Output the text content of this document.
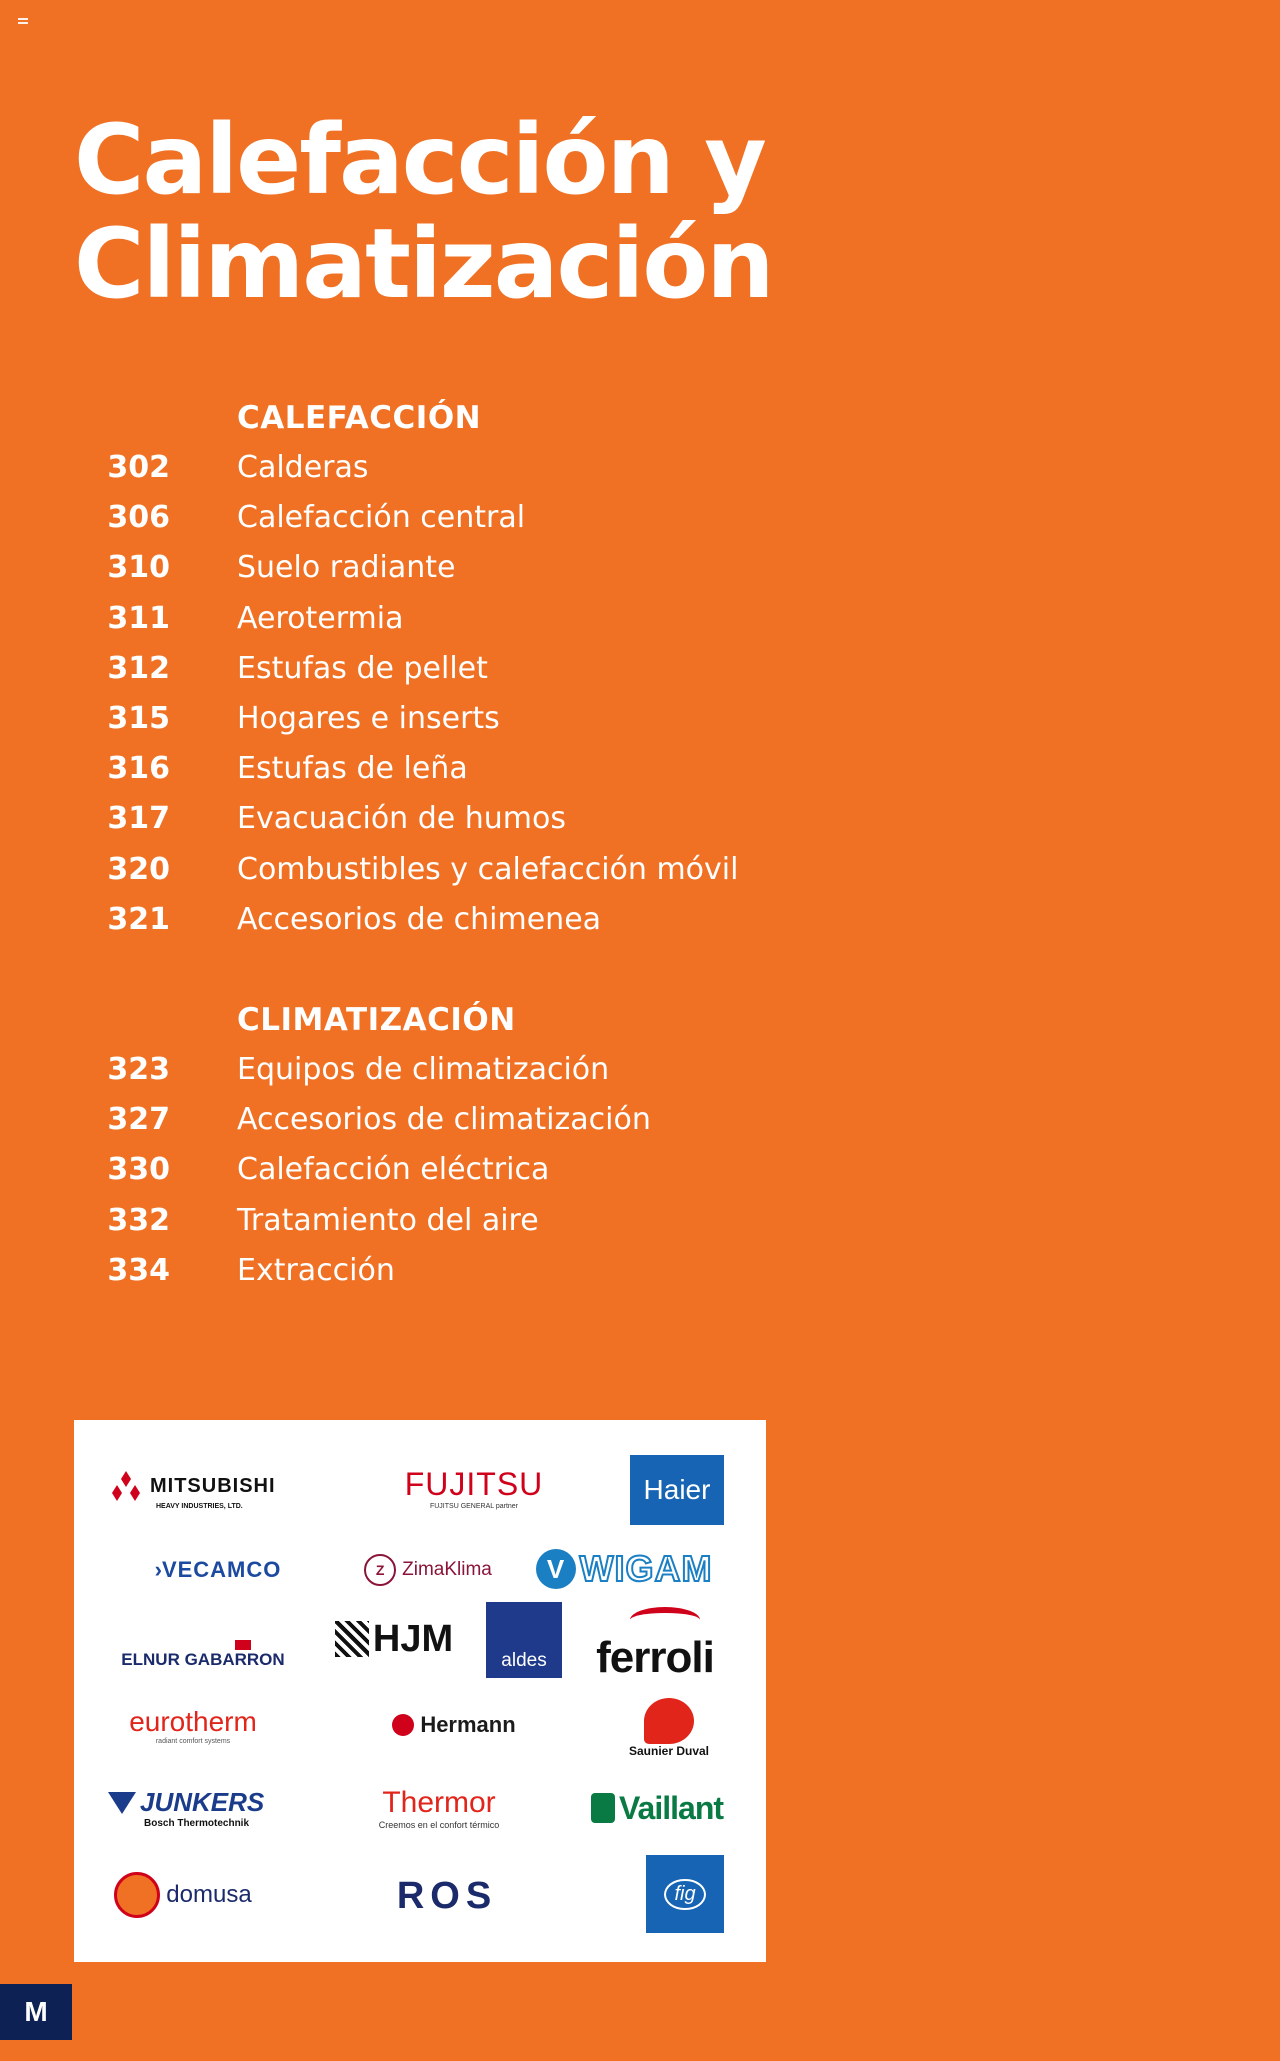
Calefacción y
Climatización
CALEFACCIÓN
302 Calderas
306 Calefacción central
310 Suelo radiante
311 Aerotermia
312 Estufas de pellet
315 Hogares e inserts
316 Estufas de leña
317 Evacuación de humos
320 Combustibles y calefacción móvil
321 Accesorios de chimenea
CLIMATIZACIÓN
323 Equipos de climatización
327 Accesorios de climatización
330 Calefacción eléctrica
332 Tratamiento del aire
334 Extracción
MITSUBISHI
HEAVY INDUSTRIES, LTD.
FUJITSU
FUJITSU GENERAL partner
Haier
› VECAMCO	Z ZimaKlima	V WIGAM
ELNUR GABARRON HJM
aldes ferroli
eurotherm
radiant comfort systems
Hermann
Saunier Duval
JUNKERS
Bosch Thermotechnik
Thermor
Creemos en el confort térmico	Vaillant
domusa	ROS	fig
M
